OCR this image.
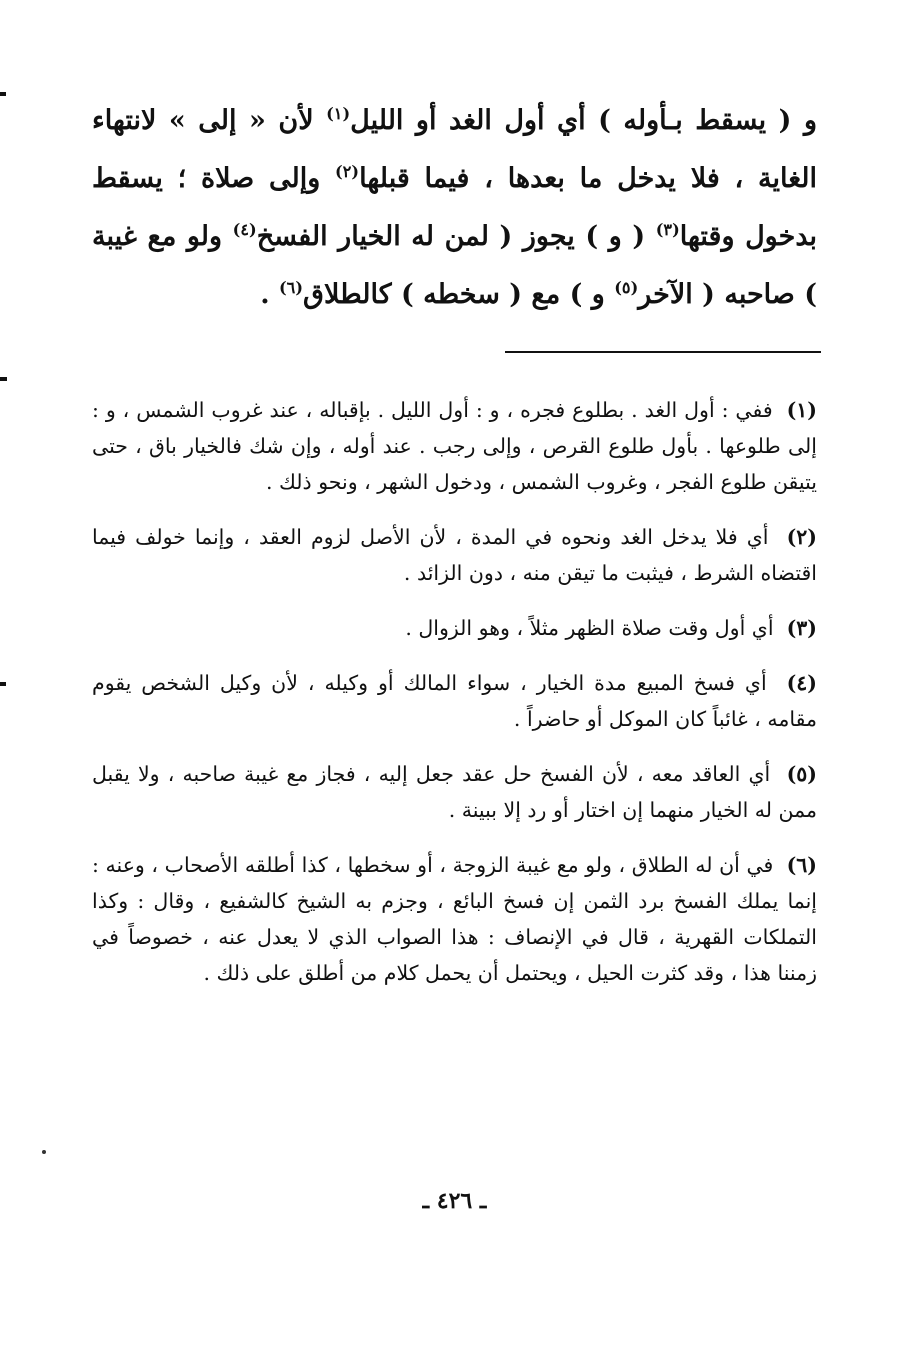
و ( يسقط بـأوله ) أي أول الغد أو الليل$^{(١)}$ لأن « إلى » لانتهاء الغاية ، فلا يدخل ما بعدها ، فيما قبلها$^{(٢)}$ وإلى صلاة ؛ يسقط بدخول وقتها$^{(٣)}$ ( و ) يجوز ( لمن له الخيار الفسخ$^{(٤)}$ ولو مع غيبة ) صاحبه ( الآخر$^{(٥)}$ و ) مع ( سخطه ) كالطلاق$^{(٦)}$ .

(١)  ففي : أول الغد . بطلوع فجره ، و : أول الليل . بإقباله ، عند غروب الشمس ، و : إلى طلوعها . بأول طلوع القرص ، وإلى رجب . عند أوله ، وإن شك فالخيار باق ، حتى يتيقن طلوع الفجر ، وغروب الشمس ، ودخول الشهر ، ونحو ذلك .

(٢)  أي فلا يدخل الغد ونحوه في المدة ، لأن الأصل لزوم العقد ، وإنما خولف فيما اقتضاه الشرط ، فيثبت ما تيقن منه ، دون الزائد .

(٣)  أي أول وقت صلاة الظهر مثلاً ، وهو الزوال .

(٤)  أي فسخ المبيع مدة الخيار ، سواء المالك أو وكيله ، لأن وكيل الشخص يقوم مقامه ، غائباً كان الموكل أو حاضراً .

(٥)  أي العاقد معه ، لأن الفسخ حل عقد جعل إليه ، فجاز مع غيبة صاحبه ، ولا يقبل ممن له الخيار منهما إن اختار أو رد إلا ببينة .

(٦)  في أن له الطلاق ، ولو مع غيبة الزوجة ، أو سخطها ، كذا أطلقه الأصحاب ، وعنه : إنما يملك الفسخ برد الثمن إن فسخ البائع ، وجزم به الشيخ كالشفيع ، وقال : وكذا التملكات القهرية ، قال في الإنصاف : هذا الصواب الذي لا يعدل عنه ، خصوصاً في زمننا هذا ، وقد كثرت الحيل ، ويحتمل أن يحمل كلام من أطلق على ذلك .

ـ ٤٢٦ ـ
